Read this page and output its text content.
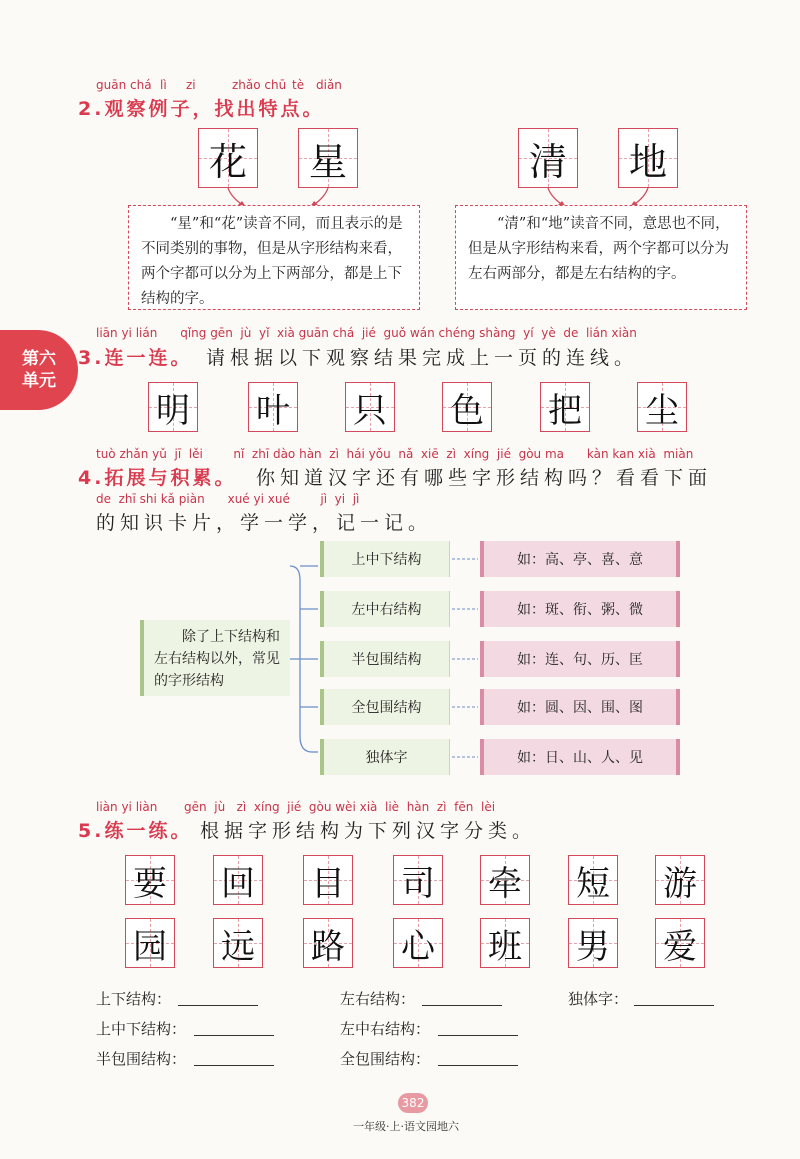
guān chá lì zi	zhǎo chū tè diǎn
2.观察例子，找出特点。
花 星	清 地
“星”和“花”读音不同，而且表示的是不同类别的事物，但是从字形结构来看，两个字都可以分为上下两部分，都是上下结构的字。
“清”和“地”读音不同，意思也不同，但是从字形结构来看，两个字都可以分为左右两部分，都是左右结构的字。
第六
单元
liān yi lián      qǐng gēn  jù  yǐ  xià guān chá  jié  guǒ wán chéng shàng  yí  yè  de  lián xiàn
3.连一连。 请根据以下观察结果完成上一页的连线。
明 叶 只 色 把 尘
tuò zhǎn yǔ  jī  lěi        nǐ  zhī dào hàn  zì  hái yǒu  nǎ  xiē  zì  xíng  jié  gòu ma      kàn kan xià  miàn
4.拓展与积累。 你知道汉字还有哪些字形结构吗？看看下面
de  zhī shi kǎ piàn      xué yi xué        jì  yi  jì
的知识卡片，学一学，记一记。
除了上下结构和左右结构以外，常见的字形结构
上中下结构	如：高、亭、喜、意
左中右结构	如：斑、衔、粥、微
半包围结构	如：连、句、历、匡
全包围结构	如：圆、因、围、图
独体字	如：日、山、人、见
liàn yi liàn       gēn  jù   zì  xíng  jié  gòu wèi xià  liè  hàn  zì  fēn  lèi
5.练一练。 根据字形结构为下列汉字分类。
要 回 目 司 牵 短 游
园 远 路 心 班 男 爱
上下结构：	左右结构：	独体字：
上中下结构：	左中右结构：
半包围结构：	全包围结构：
382
一年级·上·语文园地六
